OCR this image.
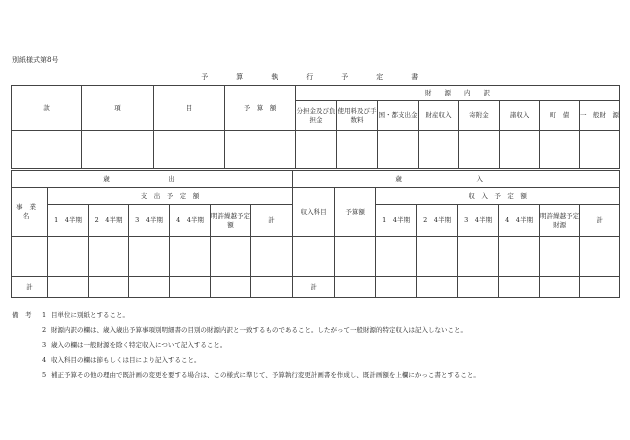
別紙様式第8号
予　算　執　行　予　定　書
款	項	目	予　算　額	財　　源　　内　　訳							
				分担金及び負担金	使用料及び手数料	国・都支出金	財産収入	寄附金	諸収入	町　債	一　般財　源

歳　出							歳　入							
事業名	支　出　予　定　額						収入科目	予算額	収　入　予　定　額					
	1　4半期	2　4半期	3　4半期	4　4半期	明許繰越予定額	計			1　4半期	2　4半期	3　4半期	4　4半期	明許繰越予定財源	計

計							計							
備　考 1 目単位に別紙とすること。
2 財源内訳の欄は、歳入歳出予算事項別明細書の目別の財源内訳と一致するものであること。したがって一般財源的特定収入は記入しないこと。
3 歳入の欄は一般財源を除く特定収入について記入すること。
4 収入科目の欄は節もしくは目により記入すること。
5 補正予算その他の理由で既計画の変更を要する場合は、この様式に準じて、予算執行変更計画書を作成し、既計画額を上欄にかっこ書とすること。
